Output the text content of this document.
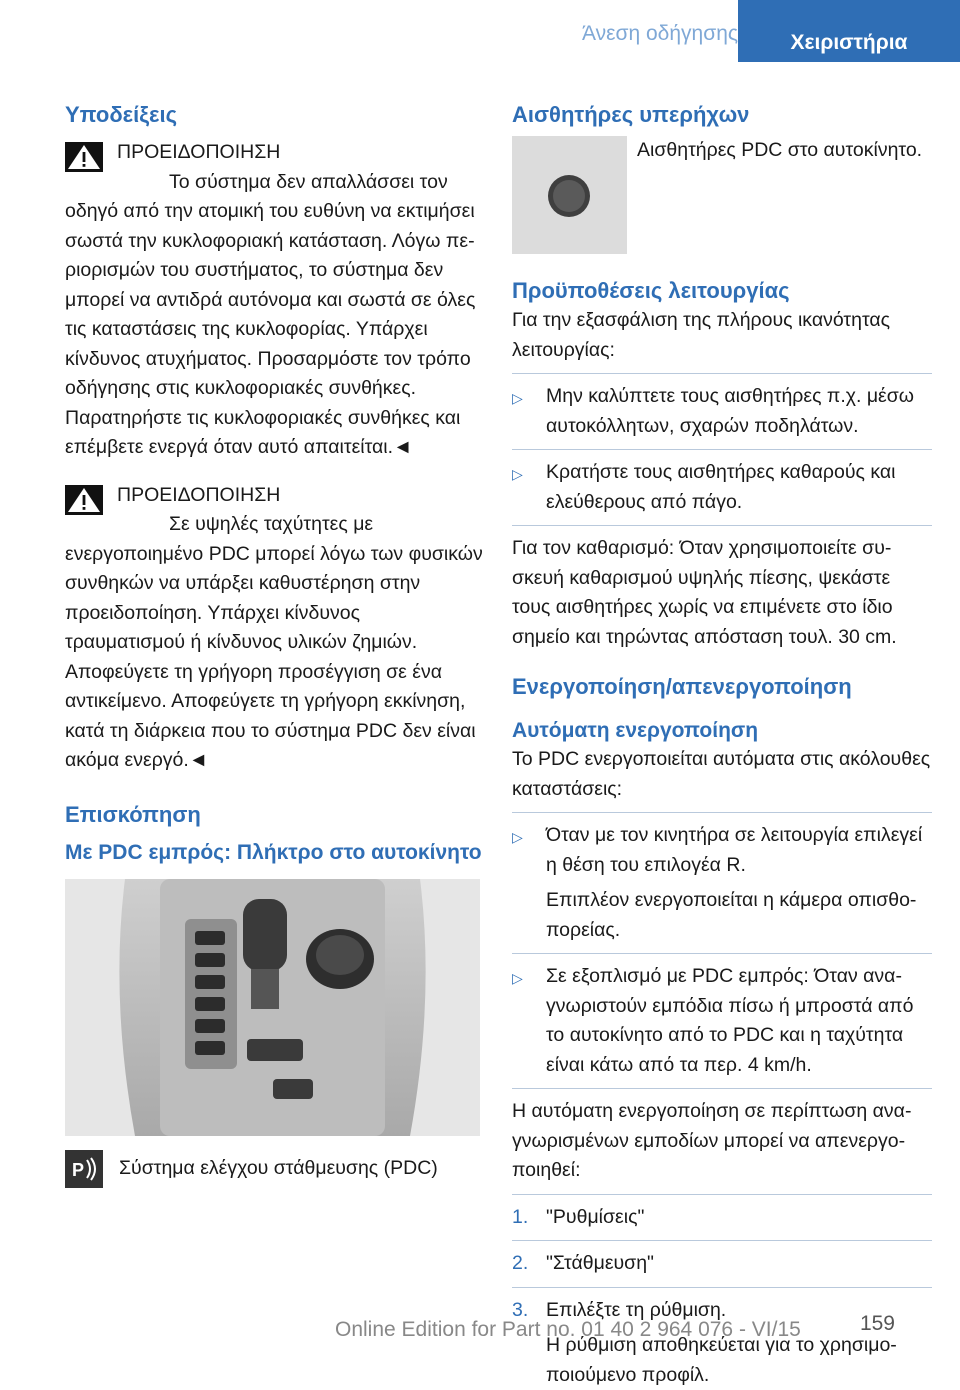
Άνεση οδήγησης	Χειριστήρια
Υποδείξεις

ΠΡΟΕΙΔΟΠΟΙΗΣΗ

Το σύστημα δεν απαλλάσσει τον οδηγό από την ατομική του ευθύνη να εκτιμήσει σωστά την κυκλοφοριακή κατάσταση. Λόγω περιορισμών του συστήματος, το σύστημα δεν μπορεί να αντιδρά αυτόνομα και σωστά σε όλες τις καταστάσεις της κυκλοφορίας. Υπάρχει κίνδυνος ατυχήματος. Προσαρμόστε τον τρόπο οδήγησης στις κυκλοφοριακές συνθήκες. Παρατηρήστε τις κυκλοφοριακές συνθήκες και επέμβετε ενεργά όταν αυτό απαιτείται.◄

ΠΡΟΕΙΔΟΠΟΙΗΣΗ

Σε υψηλές ταχύτητες με ενεργοποιημένο PDC μπορεί λόγω των φυσικών συνθηκών να υπάρξει καθυστέρηση στην προειδοποίηση. Υπάρχει κίνδυνος τραυματισμού ή κίνδυνος υλικών ζημιών. Αποφεύγετε τη γρήγορη προσέγγιση σε ένα αντικείμενο. Αποφεύγετε τη γρήγορη εκκίνηση, κατά τη διάρκεια που το σύστημα PDC δεν είναι ακόμα ενεργό.◄

Επισκόπηση
Με PDC εμπρός: Πλήκτρο στο αυτοκίνητο
P	Σύστημα ελέγχου στάθμευσης (PDC)

Αισθητήρες υπερήχων

Αισθητήρες PDC στο αυτοκίνητο.

Προϋποθέσεις λειτουργίας

Για την εξασφάλιση της πλήρους ικανότητας λειτουργίας:

▷	Μην καλύπτετε τους αισθητήρες π.χ. μέσω αυτοκόλλητων, σχαρών ποδηλάτων.
▷	Κρατήστε τους αισθητήρες καθαρούς και ελεύθερους από πάγο.

Για τον καθαρισμό: Όταν χρησιμοποιείτε συσκευή καθαρισμού υψηλής πίεσης, ψεκάστε τους αισθητήρες χωρίς να επιμένετε στο ίδιο σημείο και τηρώντας απόσταση τουλ. 30 cm.

Ενεργοποίηση/απενεργοποίηση
Αυτόματη ενεργοποίηση

Το PDC ενεργοποιείται αυτόματα στις ακόλουθες καταστάσεις:

▷	Όταν με τον κινητήρα σε λειτουργία επιλεγεί η θέση του επιλογέα R.
Επιπλέον ενεργοποιείται η κάμερα οπισθοπορείας.
▷	Σε εξοπλισμό με PDC εμπρός: Όταν αναγνωριστούν εμπόδια πίσω ή μπροστά από το αυτοκίνητο από το PDC και η ταχύτητα είναι κάτω από τα περ. 4 km/h.

Η αυτόματη ενεργοποίηση σε περίπτωση αναγνωρισμένων εμποδίων μπορεί να απενεργοποιηθεί:

1. "Ρυθμίσεις"
2. "Στάθμευση"
3. Επιλέξτε τη ρύθμιση.
Η ρύθμιση αποθηκεύεται για το χρησιμοποιούμενο προφίλ.
Online Edition for Part no. 01 40 2 964 076 - VI/15	159
